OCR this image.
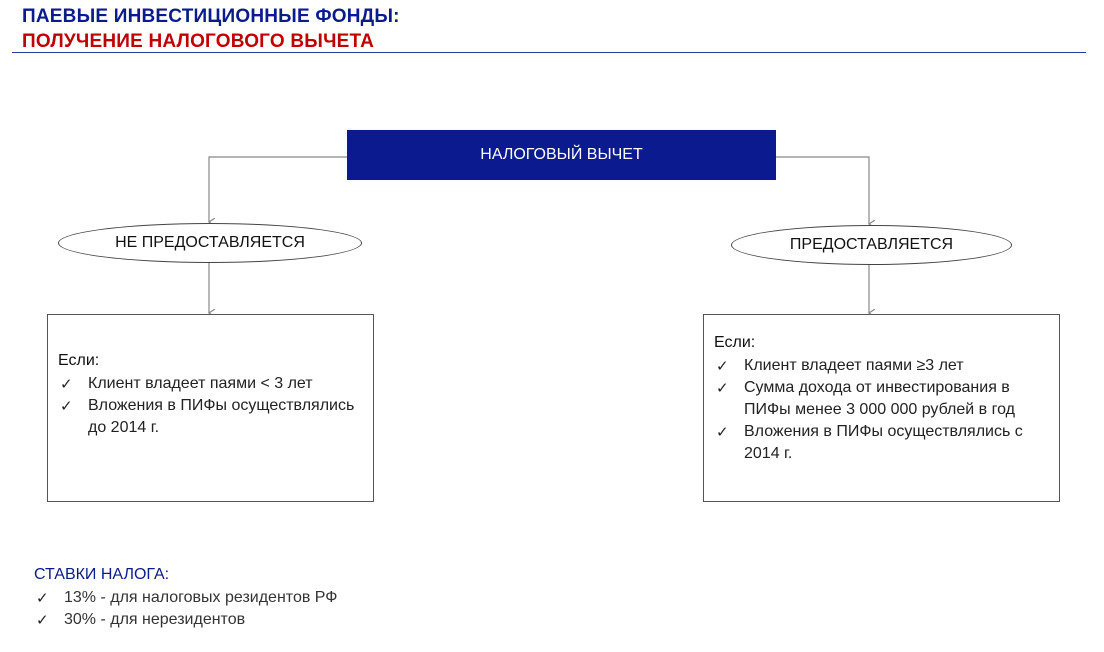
ПАЕВЫЕ ИНВЕСТИЦИОННЫЕ ФОНДЫ:
ПОЛУЧЕНИЕ НАЛОГОВОГО ВЫЧЕТА
НАЛОГОВЫЙ ВЫЧЕТ
НЕ ПРЕДОСТАВЛЯЕТСЯ	ПРЕДОСТАВЛЯЕТСЯ
Если:
✓ Клиент владеет паями < 3 лет
✓ Вложения в ПИФы осуществлялись до 2014 г.
Если:
✓ Клиент владеет паями ≥3 лет
✓ Сумма дохода от инвестирования в ПИФы менее 3 000 000 рублей в год
✓ Вложения в ПИФы осуществлялись с 2014 г.
СТАВКИ НАЛОГА:
✓ 13% - для налоговых резидентов РФ
✓ 30% - для нерезидентов
